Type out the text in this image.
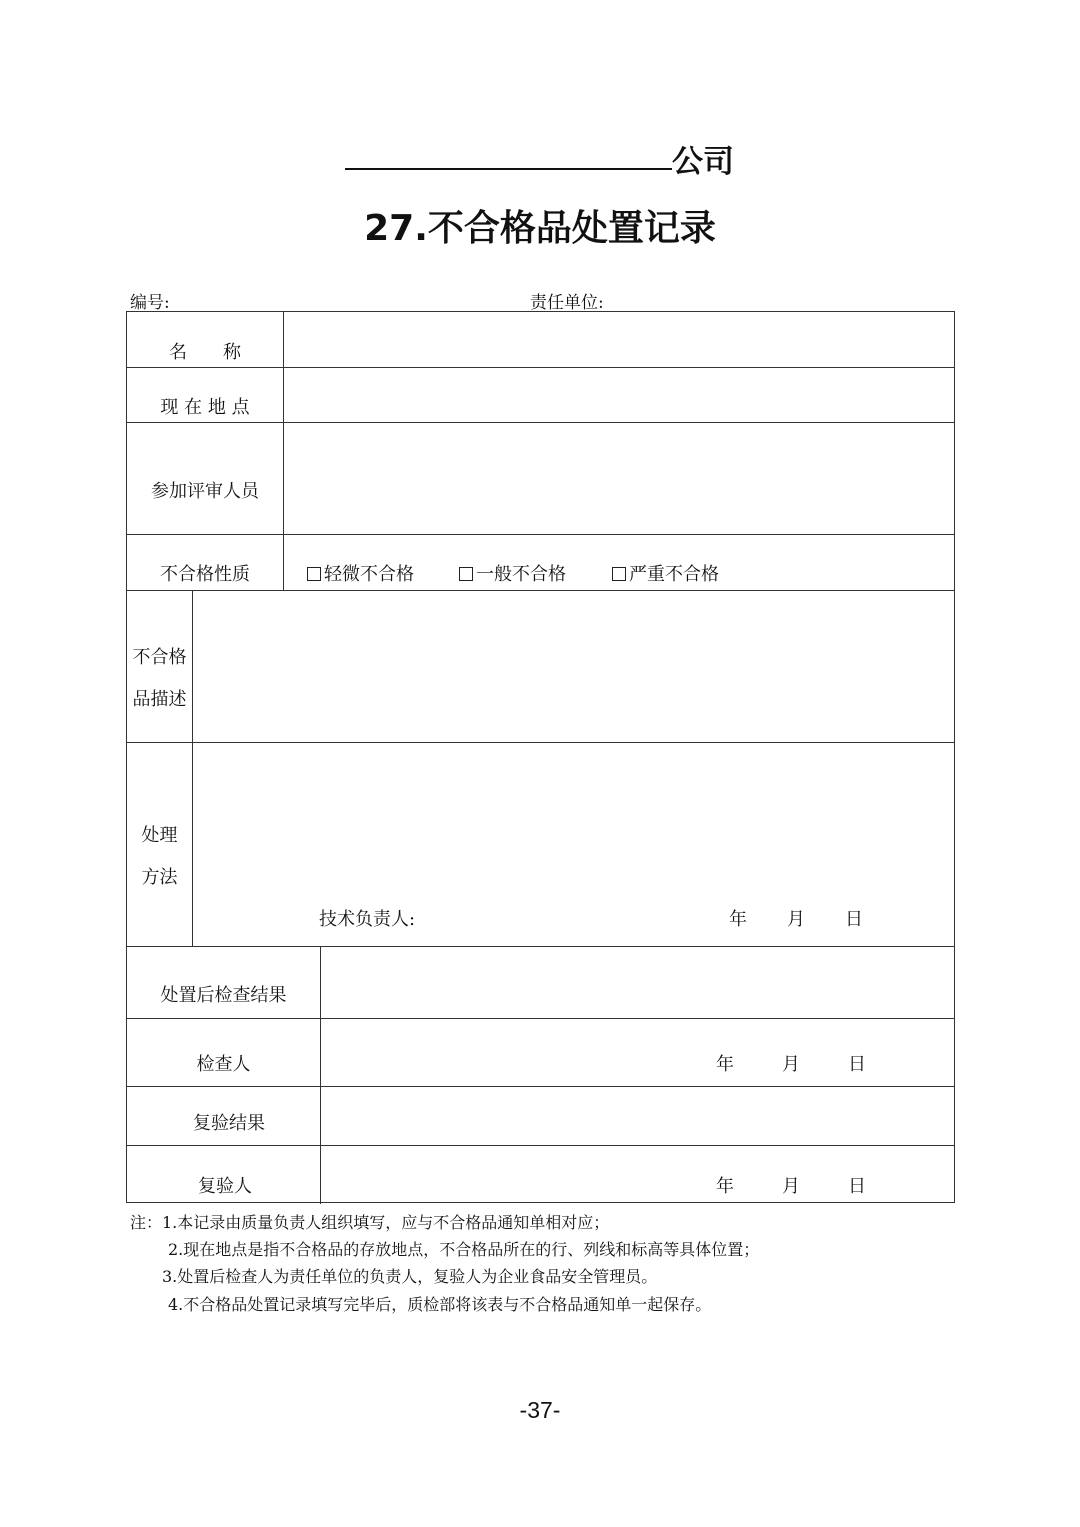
公司
27.不合格品处置记录
编号:	责任单位:
名　　称
现 在 地 点
参加评审人员
不合格性质	轻微不合格	一般不合格	严重不合格
不合格
品描述
处理
方法
技术负责人:	年 月 日
处置后检查结果
检查人	年	月	日
复验结果
复验人	年	月	日
注：1.本记录由质量负责人组织填写，应与不合格品通知单相对应；
2.现在地点是指不合格品的存放地点，不合格品所在的行、列线和标高等具体位置；
3.处置后检查人为责任单位的负责人，复验人为企业食品安全管理员。
4.不合格品处置记录填写完毕后，质检部将该表与不合格品通知单一起保存。
-37-
